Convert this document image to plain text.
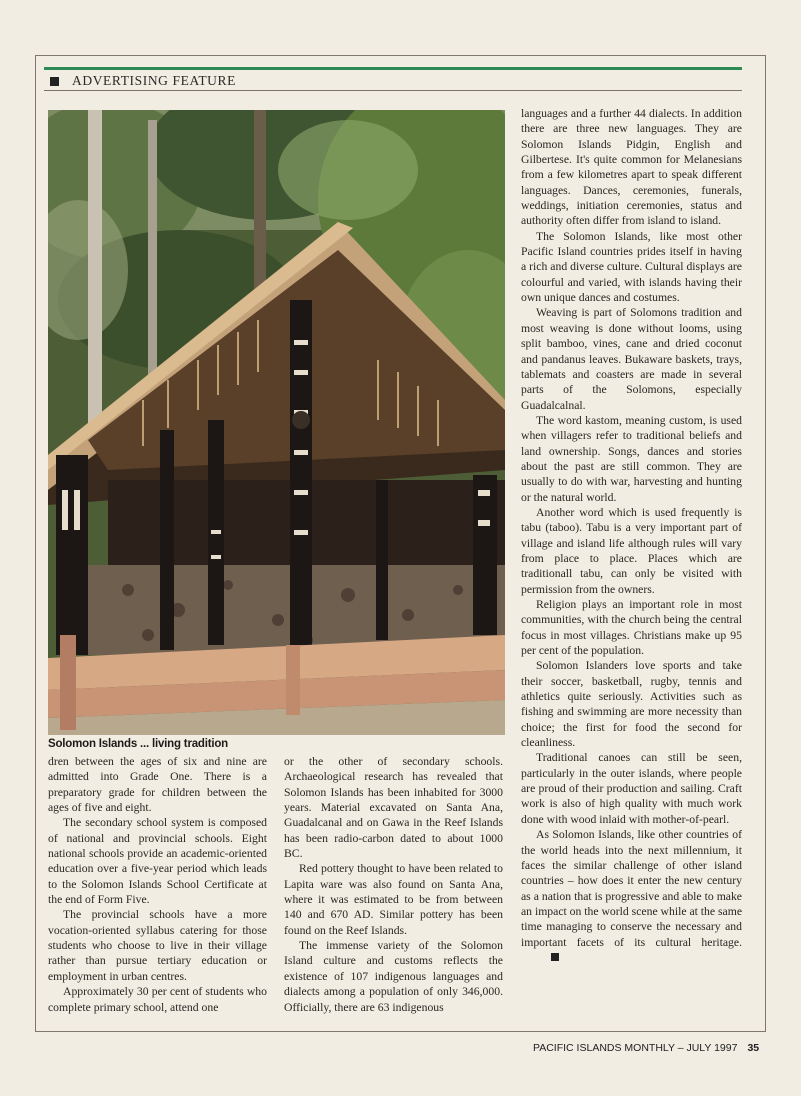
ADVERTISING FEATURE
Solomon Islands ... living tradition

dren between the ages of six and nine are admitted into Grade One. There is a preparatory grade for children between the ages of five and eight.

The secondary school system is composed of national and provincial schools. Eight national schools provide an academic-oriented education over a five-year period which leads to the Solomon Islands School Certificate at the end of Form Five.

The provincial schools have a more vocation-oriented syllabus catering for those students who choose to live in their village rather than pursue tertiary education or employment in urban centres.

Approximately 30 per cent of students who complete primary school, attend one

or the other of secondary schools. Archaeological research has revealed that Solomon Islands has been inhabited for 3000 years. Material excavated on Santa Ana, Guadalcanal and on Gawa in the Reef Islands has been radio-carbon dated to about 1000 BC.

Red pottery thought to have been related to Lapita ware was also found on Santa Ana, where it was estimated to be from between 140 and 670 AD. Similar pottery has been found on the Reef Islands.

The immense variety of the Solomon Island culture and customs reflects the existence of 107 indigenous languages and dialects among a population of only 346,000. Officially, there are 63 indigenous

languages and a further 44 dialects. In addition there are three new languages. They are Solomon Islands Pidgin, English and Gilbertese. It's quite common for Melanesians from a few kilometres apart to speak different languages. Dances, ceremonies, funerals, weddings, initiation ceremonies, status and authority often differ from island to island.

The Solomon Islands, like most other Pacific Island countries prides itself in having a rich and diverse culture. Cultural displays are colourful and varied, with islands having their own unique dances and costumes.

Weaving is part of Solomons tradition and most weaving is done without looms, using split bamboo, vines, cane and dried coconut and pandanus leaves. Bukaware baskets, trays, tablemats and coasters are made in several parts of the Solomons, especially Guadalcalnal.

The word kastom, meaning custom, is used when villagers refer to traditional beliefs and land ownership. Songs, dances and stories about the past are still common. They are usually to do with war, harvesting and hunting or the natural world.

Another word which is used frequently is tabu (taboo). Tabu is a very important part of village and island life although rules will vary from place to place. Places which are traditionall tabu, can only be visited with permission from the owners.

Religion plays an important role in most communities, with the church being the central focus in most villages. Christians make up 95 per cent of the population.

Solomon Islanders love sports and take their soccer, basketball, rugby, tennis and athletics quite seriously. Activities such as fishing and swimming are more necessity than choice; the first for food the second for cleanliness.

Traditional canoes can still be seen, particularly in the outer islands, where people are proud of their production and sailing. Craft work is also of high quality with much work done with wood inlaid with mother-of-pearl.

As Solomon Islands, like other countries of the world heads into the next millennium, it faces the similar challenge of other island countries – how does it enter the new century as a nation that is progressive and able to make an impact on the world scene while at the same time managing to conserve the necessary and important facets of its cultural heritage.

PACIFIC ISLANDS MONTHLY – JULY 1997 35
